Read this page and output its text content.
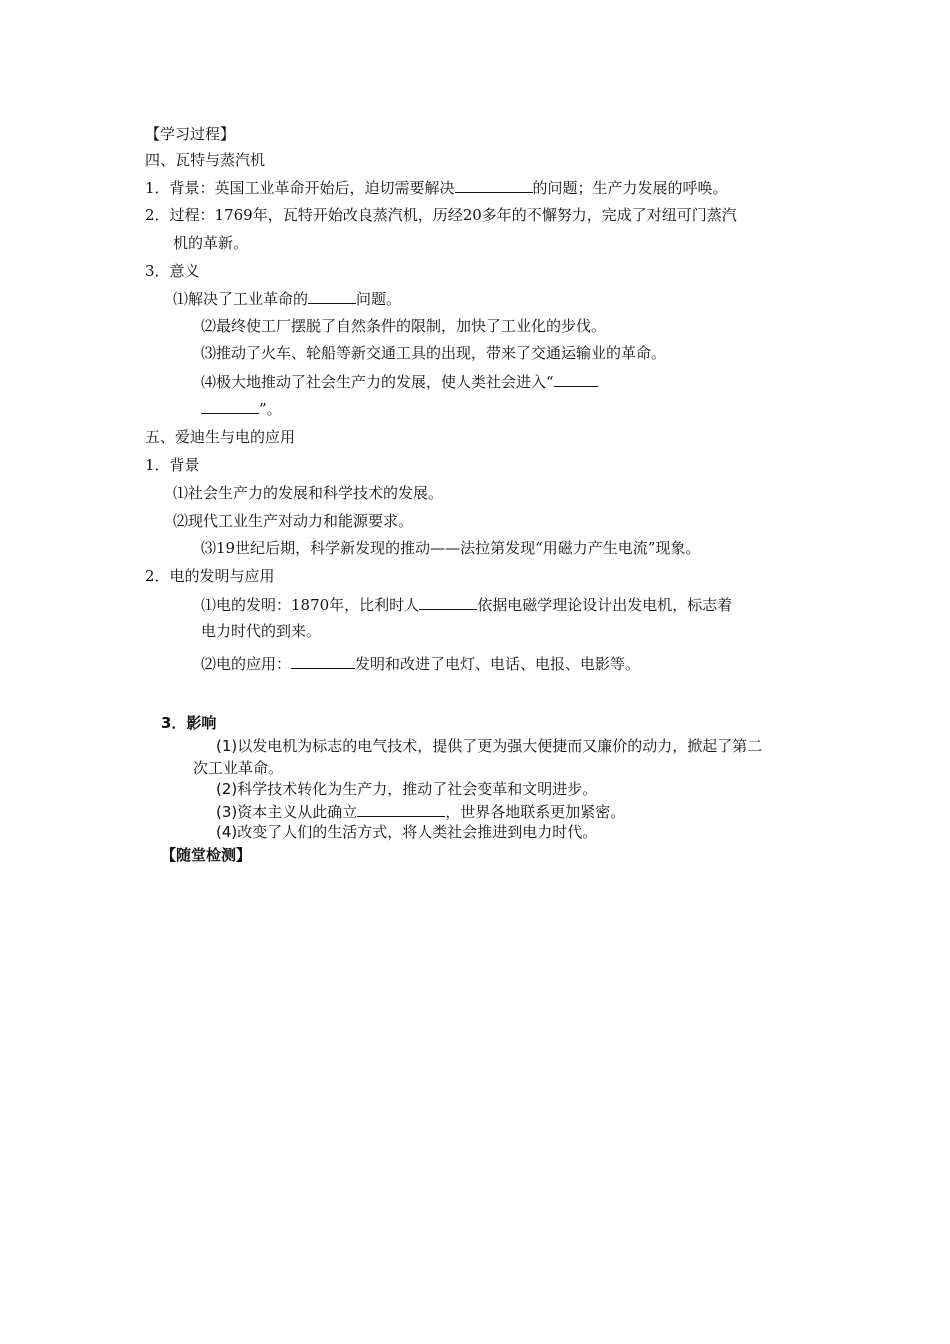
【学习过程】
四、瓦特与蒸汽机
1．背景：英国工业革命开始后，迫切需要解决	的问题；生产力发展的呼唤。
2．过程：1769年，瓦特开始改良蒸汽机，历经20多年的不懈努力，完成了对纽可门蒸汽
机的革新。
3．意义
⑴解决了工业革命的	问题。
⑵最终使工厂摆脱了自然条件的限制，加快了工业化的步伐。
⑶推动了火车、轮船等新交通工具的出现，带来了交通运输业的革命。
⑷极大地推动了社会生产力的发展，使人类社会进入“
”。
五、爱迪生与电的应用
1．背景
⑴社会生产力的发展和科学技术的发展。
⑵现代工业生产对动力和能源要求。
⑶19世纪后期，科学新发现的推动——法拉第发现“用磁力产生电流”现象。
2．电的发明与应用
⑴电的发明：1870年，比利时人	依据电磁学理论设计出发电机，标志着
电力时代的到来。
⑵电的应用：	发明和改进了电灯、电话、电报、电影等。
3．影响
(1)以发电机为标志的电气技术，提供了更为强大便捷而又廉价的动力，掀起了第二
次工业革命。
(2)科学技术转化为生产力，推动了社会变革和文明进步。
(3)资本主义从此确立	，世界各地联系更加紧密。
(4)改变了人们的生活方式，将人类社会推进到电力时代。
【随堂检测】
